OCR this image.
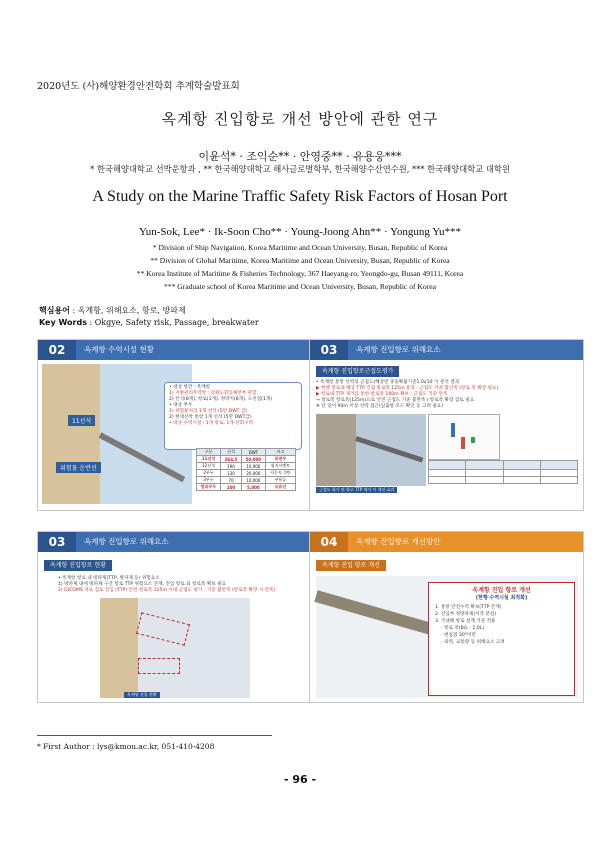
2020년도 (사)해양환경안전학회 추계학술발표회
옥계항 진입항로 개선 방안에 관한 연구
이윤석* · 조익순** · 안영중** · 유용웅***
* 한국해양대학교 선박운항과 , ** 한국해양대학교 해사글로벌학부, 한국해양수산연수원, *** 한국해양대학교 대학원
A Study on the Marine Traffic Safety Risk Factors of Hosan Port
Yun-Sok, Lee* · Ik-Soon Cho** · Young-Joong Ahn** · Yongung Yu***
* Division of Ship Navigation, Korea Maritime and Ocean University, Busan, Republic of Korea
** Division of Global Maritime, Korea Maritime and Ocean University, Busan, Republic of Korea
** Korea Institute of Maritime & Fisheries Technology, 367 Haeyang-ro, Yeongdo-gu, Busan 49111, Korea
*** Graduate school of Korea Maritime and Ocean University, Busan, Republic of Korea
핵심용어 : 옥계항, 위해요소, 항로, 방파제
Key Words : Okgye, Safety risk, Passage, breakwater
02	옥계항 수역시설 현황
11선석
위험물 운반선
• 대상 항만 : 옥계항
1) 지방관리무역항 : 강원도환동해본부 관할
2) 선석(8개), 항로(1개), 정박지(8개), 도선점(1개)
• 대상 부두
1) 위험물처리 1개 선석 (5만 DWT 급)
2) 현대선박 통항 1개 선석 (5만 DWT급)
• 대상 수역시설 : 1개 항로, 1개 선회구역
구분	선석	DWT	비고
11선석	264.5	50,000	표면부
12선석	190	10,000	월지시멘트
2부두	130	20,000	저동지 석탄
3부두	70	10,000	부용류
합류부두	200	5,000	유류선
03	옥계항 진입항로 위해요소
옥계항 진입항로근접도평가
• 옥계항 통항 선박의 근접도(해상면 충돌확률기준1.0x10⁻³) 분석 결과
▶ 현행 항로내 해상 TTP 인접 항로폭 125m 통과 : 근접도 기준 불안족 (항로 폭 확장 필요)
▶ 항로내 TTP 제거를 통한 항로폭 160m 확보 : 근접도 기준 만족
→ 항로폭 항로폭(125m)으로 안전 근접도 기준 불만족 / 항로폭 확장 검토 필요
※ 단 길이 90m 이상 선박 접근(입출항 모드 확인 등 고려 필요)

근접도 평가 및 항로 TTP 제거 시 개선 효과
03	옥계항 진입항로 위해요소
옥계항 진입항로 현황
• 옥계항 항로 내 방파제(TTP, 방파제 등) 위험요소
1) 방파제 내에 방파제 구간 항로 TTP 위험요소 존재, 진입 항로 외 항로폭 확보 필요
2) GICOMS 자료 검토 진입 (TTP) 안전 항로폭 125m 이내 근접도 평가 : 기준 불만족 (항로폭 확장 시 만족)
옥계항 진입 현황
04	옥계항 진입항로 개선방안
옥계항 진입 항로 개선
옥계항 진입 항로 개선
(현행 수역시설 최적화)
1. 통항 안전수역 확보(TTP 존재)
2. 진입부 정방파제(서측 분점)
3. 국내해 항로 설계 기준 적용
- 항로 폭(B/L - 1.0L)
- 변침점 30°미만
- 외력, 교통량 등 위해요소 고려
* First Author : lys@kmou.ac.kr, 051-410-4208
- 96 -
